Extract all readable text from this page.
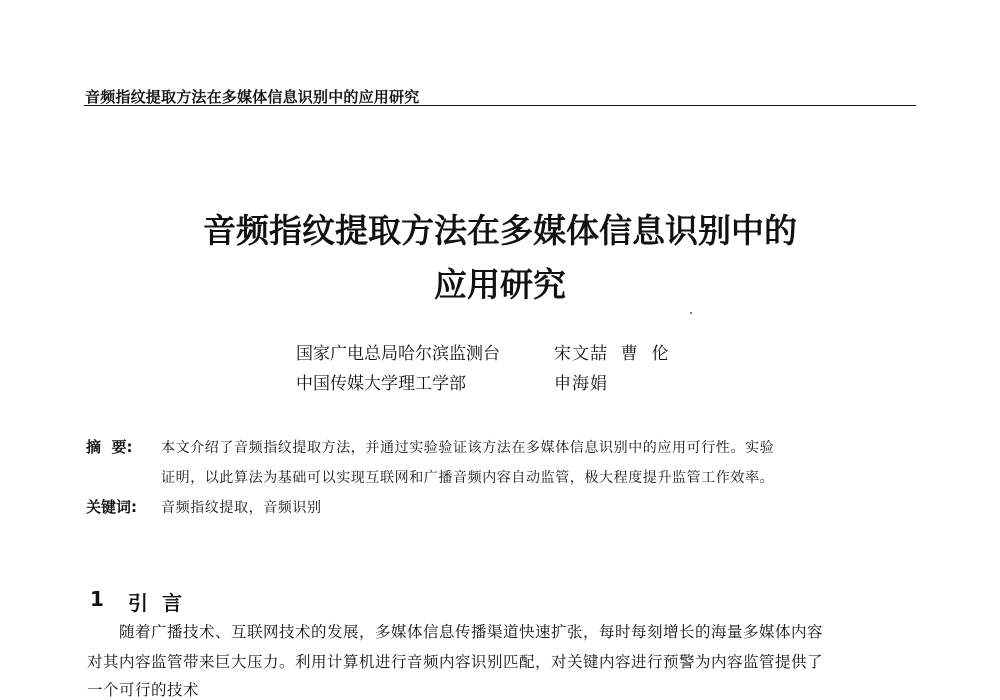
音频指纹提取方法在多媒体信息识别中的应用研究
音频指纹提取方法在多媒体信息识别中的
应用研究
国家广电总局哈尔滨监测台	宋文喆  曹  伦
中国传媒大学理工学部	申海娟
摘  要: 本文介绍了音频指纹提取方法，并通过实验验证该方法在多媒体信息识别中的应用可行性。实验
证明，以此算法为基础可以实现互联网和广播音频内容自动监管，极大程度提升监管工作效率。
关键词: 音频指纹提取，音频识别
1 引言
随着广播技术、互联网技术的发展，多媒体信息传播渠道快速扩张，每时每刻增长的海量多媒体内容
对其内容监管带来巨大压力。利用计算机进行音频内容识别匹配，对关键内容进行预警为内容监管提供了
一个可行的技术
